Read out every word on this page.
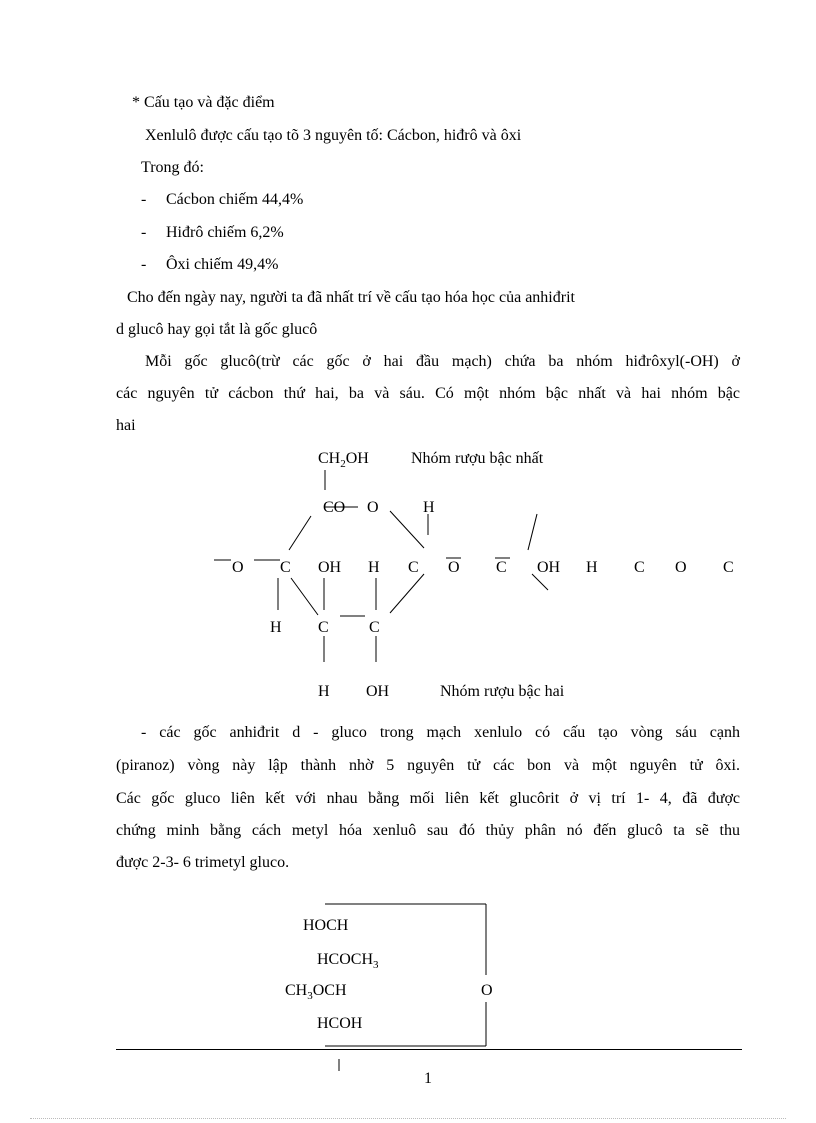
* Cấu tạo và đặc điểm
Xenlulô được cấu tạo tõ 3 nguyên tố: Cácbon, hiđrô và ôxi
Trong đó:
- Cácbon chiếm 44,4%
- Hiđrô chiếm 6,2%
- Ôxi chiếm 49,4%
Cho đến ngày nay, người ta đã nhất trí về cấu tạo hóa học của anhiđrit
d glucô hay gọi tắt là gốc glucô
Mỗi gốc glucô(trừ các gốc ở hai đầu mạch) chứa ba nhóm hiđrôxyl(-OH) ở
các nguyên tử cácbon thứ hai, ba và sáu. Có một nhóm bậc nhất và hai nhóm bậc
hai
$CH_2OH$	Nhóm rượu bậc nhất
CO O	H
O C OH H C O C OH H C O C
H C	C
H OH	Nhóm rượu bậc hai
- các gốc anhiđrit d - gluco trong mạch xenlulo có cấu tạo vòng sáu cạnh
(piranoz) vòng này lập thành nhờ 5 nguyên tử các bon và một nguyên tử ôxi.
Các gốc gluco liên kết với nhau bằng mối liên kết glucôrit ở vị trí 1- 4, đã được
chứng minh bằng cách metyl hóa xenluô sau đó thủy phân nó đến glucô ta sẽ thu
được 2-3- 6 trimetyl gluco.
HOCH
$HCOCH_3$
$CH_3OCH$
HCOH
O
1
